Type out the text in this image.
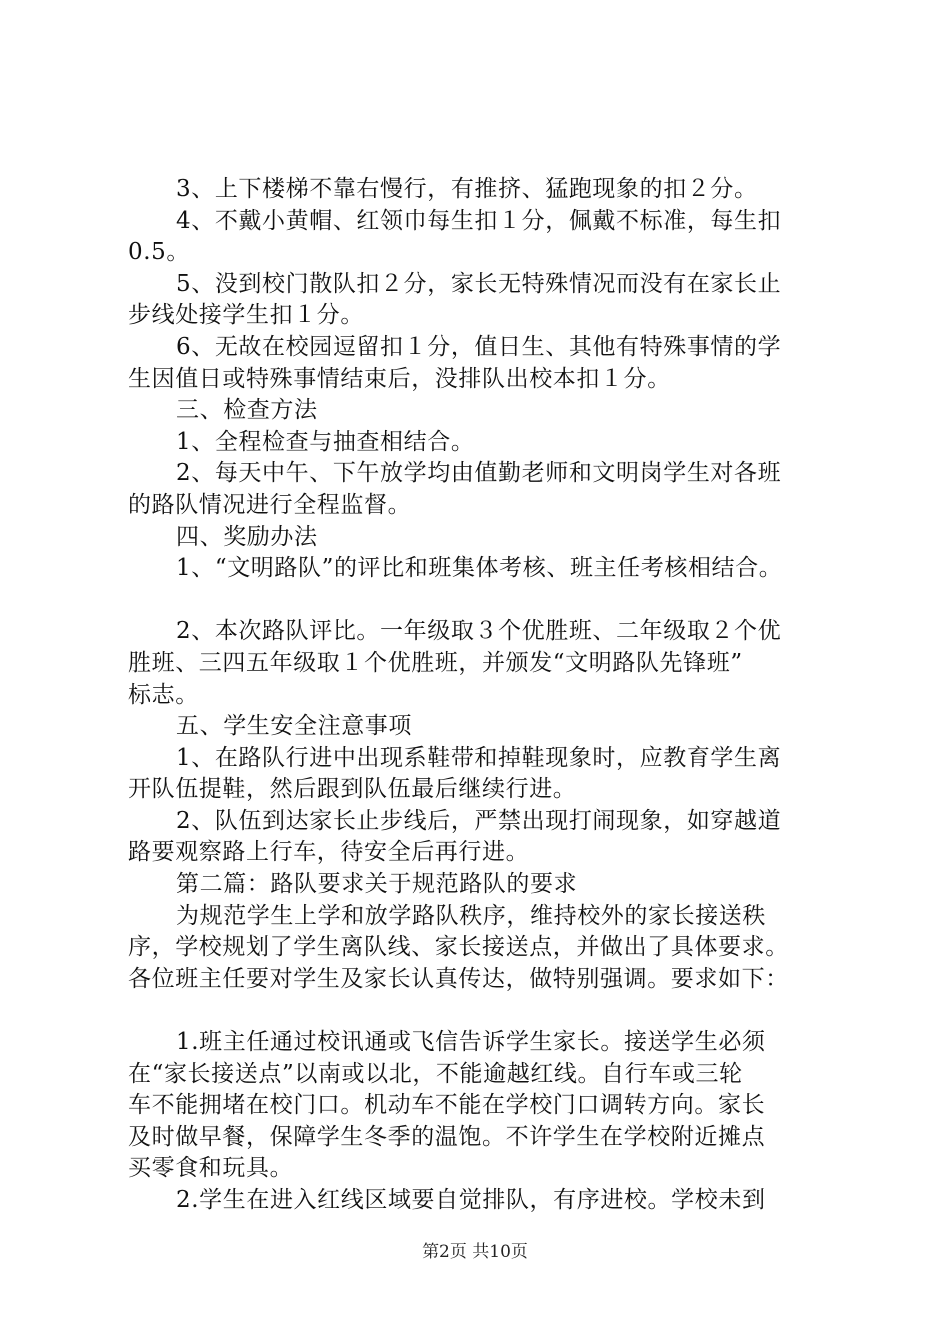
3、上下楼梯不靠右慢行，有推挤、猛跑现象的扣２分。
4、不戴小黄帽、红领巾每生扣１分，佩戴不标准，每生扣
0.5。
5、没到校门散队扣２分，家长无特殊情况而没有在家长止
步线处接学生扣１分。
6、无故在校园逗留扣１分，值日生、其他有特殊事情的学
生因值日或特殊事情结束后，没排队出校本扣１分。
三、检查方法
1、全程检查与抽查相结合。
2、每天中午、下午放学均由值勤老师和文明岗学生对各班
的路队情况进行全程监督。
四、奖励办法
1、“文明路队”的评比和班集体考核、班主任考核相结合。
2、本次路队评比。一年级取３个优胜班、二年级取２个优
胜班、三四五年级取１个优胜班，并颁发“文明路队先锋班”
标志。
五、学生安全注意事项
1、在路队行进中出现系鞋带和掉鞋现象时，应教育学生离
开队伍提鞋，然后跟到队伍最后继续行进。
2、队伍到达家长止步线后，严禁出现打闹现象，如穿越道
路要观察路上行车，待安全后再行进。
第二篇：路队要求关于规范路队的要求
为规范学生上学和放学路队秩序，维持校外的家长接送秩
序，学校规划了学生离队线、家长接送点，并做出了具体要求。
各位班主任要对学生及家长认真传达，做特别强调。要求如下：
1.班主任通过校讯通或飞信告诉学生家长。接送学生必须
在“家长接送点”以南或以北，不能逾越红线。自行车或三轮
车不能拥堵在校门口。机动车不能在学校门口调转方向。家长
及时做早餐，保障学生冬季的温饱。不许学生在学校附近摊点
买零食和玩具。
2.学生在进入红线区域要自觉排队，有序进校。学校未到
第2页 共10页
